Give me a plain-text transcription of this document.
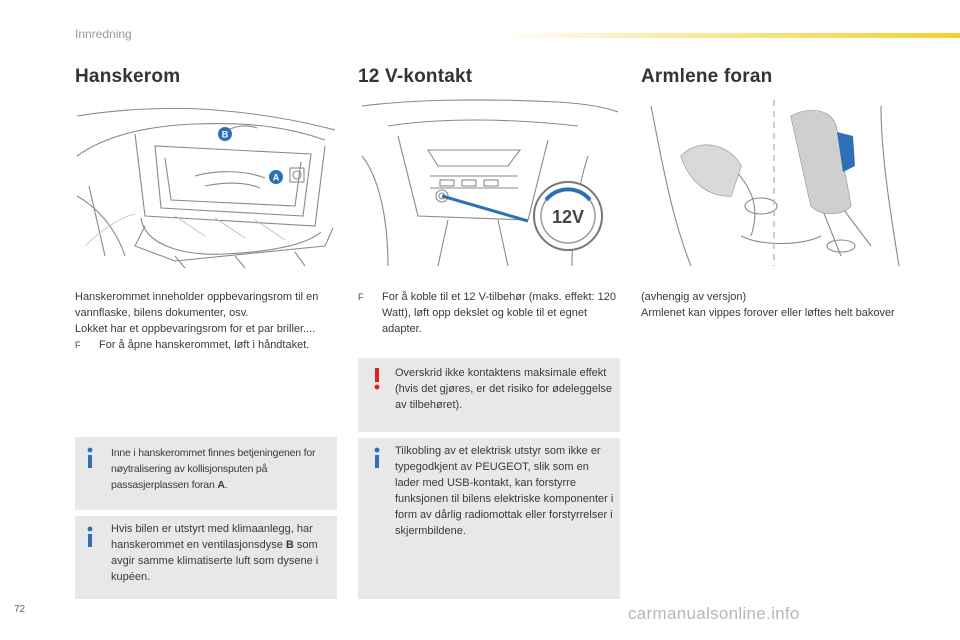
Innredning
Hanskerom	12 V-kontakt	Armlene foran
B
A
12V

Hanskerommet inneholder oppbevaringsrom til en vannflaske, bilens dokumenter, osv.

Lokket har et oppbevaringsrom for et par briller....

F For å åpne hanskerommet, løft i håndtaket.
Inne i hanskerommet finnes betjeningenen for nøytralisering av kollisjonsputen på passasjerplassen foran A.
Hvis bilen er utstyrt med klimaanlegg, har hanskerommet en ventilasjonsdyse B som avgir samme klimatiserte luft som dysene i kupéen.
F For å koble til et 12 V-tilbehør (maks. effekt: 120 Watt), løft opp dekslet og koble til et egnet adapter.
Overskrid ikke kontaktens maksimale effekt (hvis det gjøres, er det risiko for ødeleggelse av tilbehøret).
Tilkobling av et elektrisk utstyr som ikke er typegodkjent av PEUGEOT, slik som en lader med USB-kontakt, kan forstyrre funksjonen til bilens elektriske komponenter i form av dårlig radiomottak eller forstyrrelser i skjermbildene.

(avhengig av versjon)

Armlenet kan vippes forover eller løftes helt bakover

72	carmanualsonline.info
